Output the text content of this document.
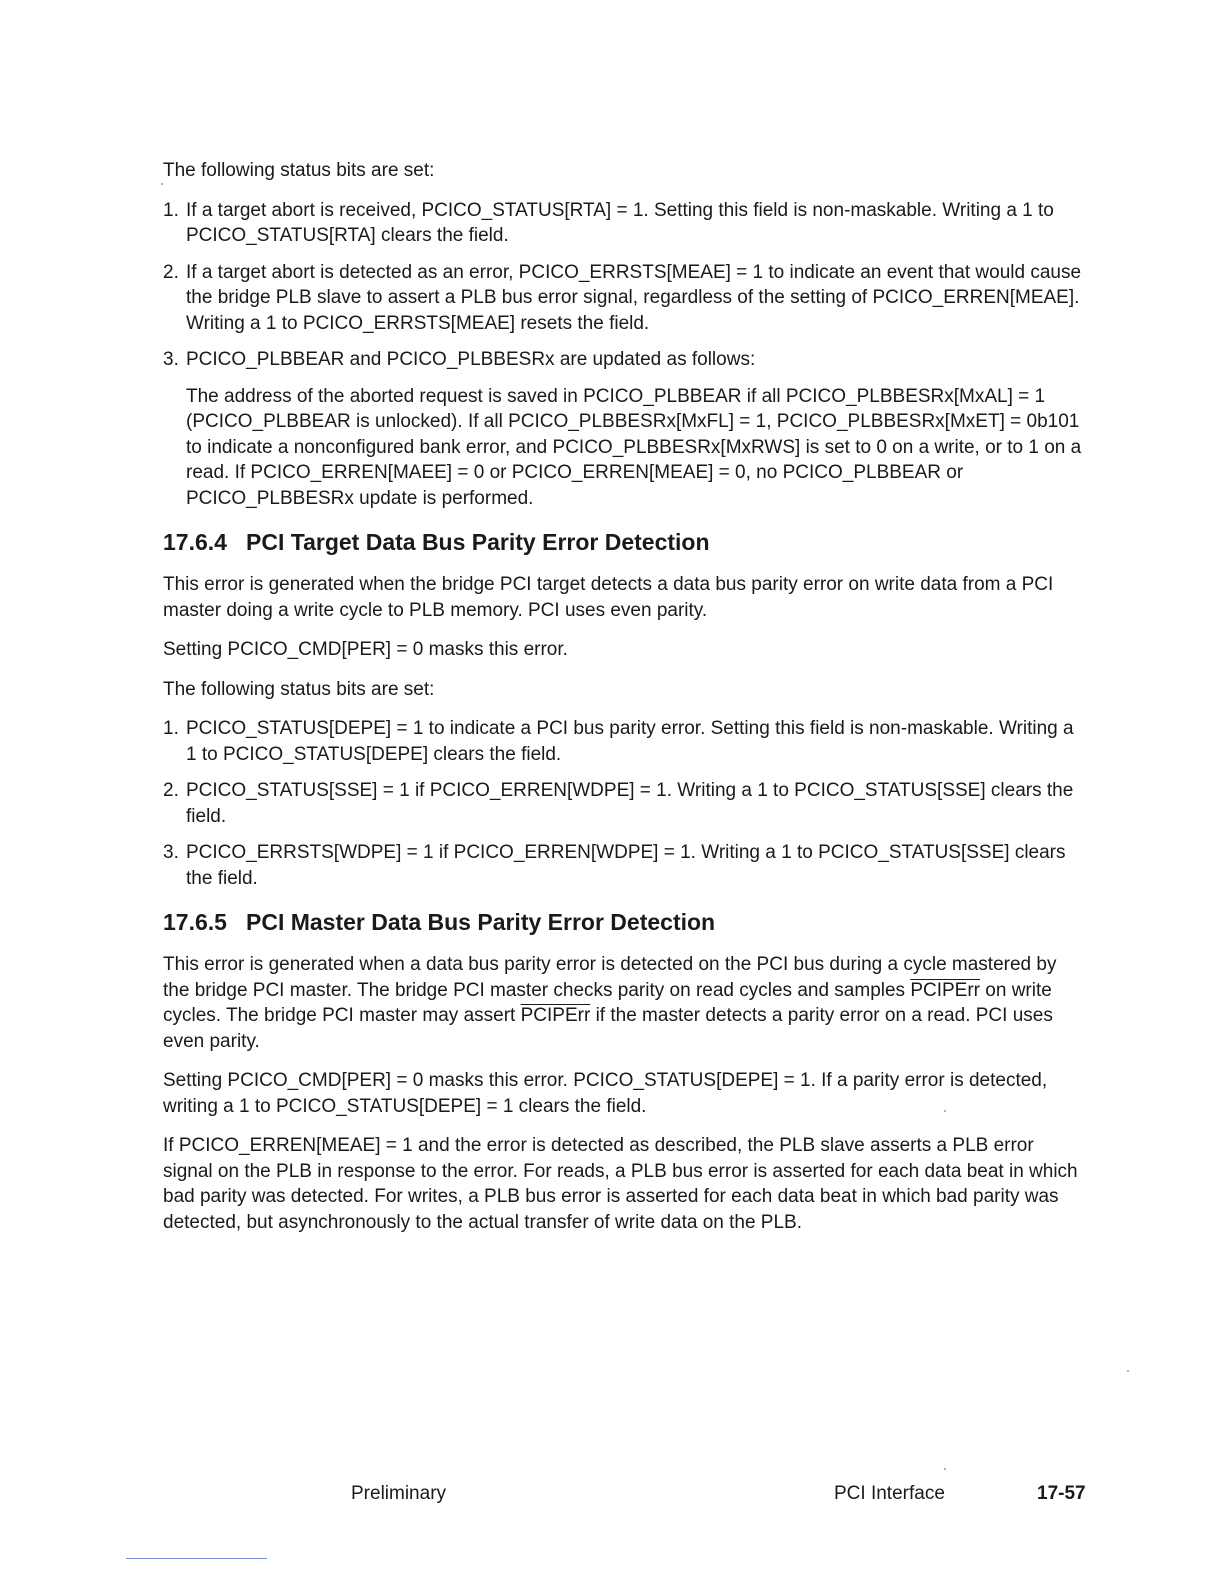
The following status bits are set:

1. If a target abort is received, PCICO_STATUS[RTA] = 1. Setting this field is non-maskable. Writing a 1 to PCICO_STATUS[RTA] clears the field.
2. If a target abort is detected as an error, PCICO_ERRSTS[MEAE] = 1 to indicate an event that would cause the bridge PLB slave to assert a PLB bus error signal, regardless of the setting of PCICO_ERREN[MEAE]. Writing a 1 to PCICO_ERRSTS[MEAE] resets the field.
3. PCICO_PLBBEAR and PCICO_PLBBESRx are updated as follows:

The address of the aborted request is saved in PCICO_PLBBEAR if all PCICO_PLBBESRx[MxAL] = 1 (PCICO_PLBBEAR is unlocked). If all PCICO_PLBBESRx[MxFL] = 1, PCICO_PLBBESRx[MxET] = 0b101 to indicate a nonconfigured bank error, and PCICO_PLBBESRx[MxRWS] is set to 0 on a write, or to 1 on a read. If PCICO_ERREN[MAEE] = 0 or PCICO_ERREN[MEAE] = 0, no PCICO_PLBBEAR or PCICO_PLBBESRx update is performed.

17.6.4 PCI Target Data Bus Parity Error Detection

This error is generated when the bridge PCI target detects a data bus parity error on write data from a PCI master doing a write cycle to PLB memory. PCI uses even parity.

Setting PCICO_CMD[PER] = 0 masks this error.

The following status bits are set:

1. PCICO_STATUS[DEPE] = 1 to indicate a PCI bus parity error. Setting this field is non-maskable. Writing a 1 to PCICO_STATUS[DEPE] clears the field.
2. PCICO_STATUS[SSE] = 1 if PCICO_ERREN[WDPE] = 1. Writing a 1 to PCICO_STATUS[SSE] clears the field.
3. PCICO_ERRSTS[WDPE] = 1 if PCICO_ERREN[WDPE] = 1. Writing a 1 to PCICO_STATUS[SSE] clears the field.
17.6.5 PCI Master Data Bus Parity Error Detection

This error is generated when a data bus parity error is detected on the PCI bus during a cycle mastered by the bridge PCI master. The bridge PCI master checks parity on read cycles and samples PCIPErr on write cycles. The bridge PCI master may assert PCIPErr if the master detects a parity error on a read. PCI uses even parity.

Setting PCICO_CMD[PER] = 0 masks this error. PCICO_STATUS[DEPE] = 1. If a parity error is detected, writing a 1 to PCICO_STATUS[DEPE] = 1 clears the field.

If PCICO_ERREN[MEAE] = 1 and the error is detected as described, the PLB slave asserts a PLB error signal on the PLB in response to the error. For reads, a PLB bus error is asserted for each data beat in which bad parity was detected. For writes, a PLB bus error is asserted for each data beat in which bad parity was detected, but asynchronously to the actual transfer of write data on the PLB.

Preliminary	PCI Interface	17-57
